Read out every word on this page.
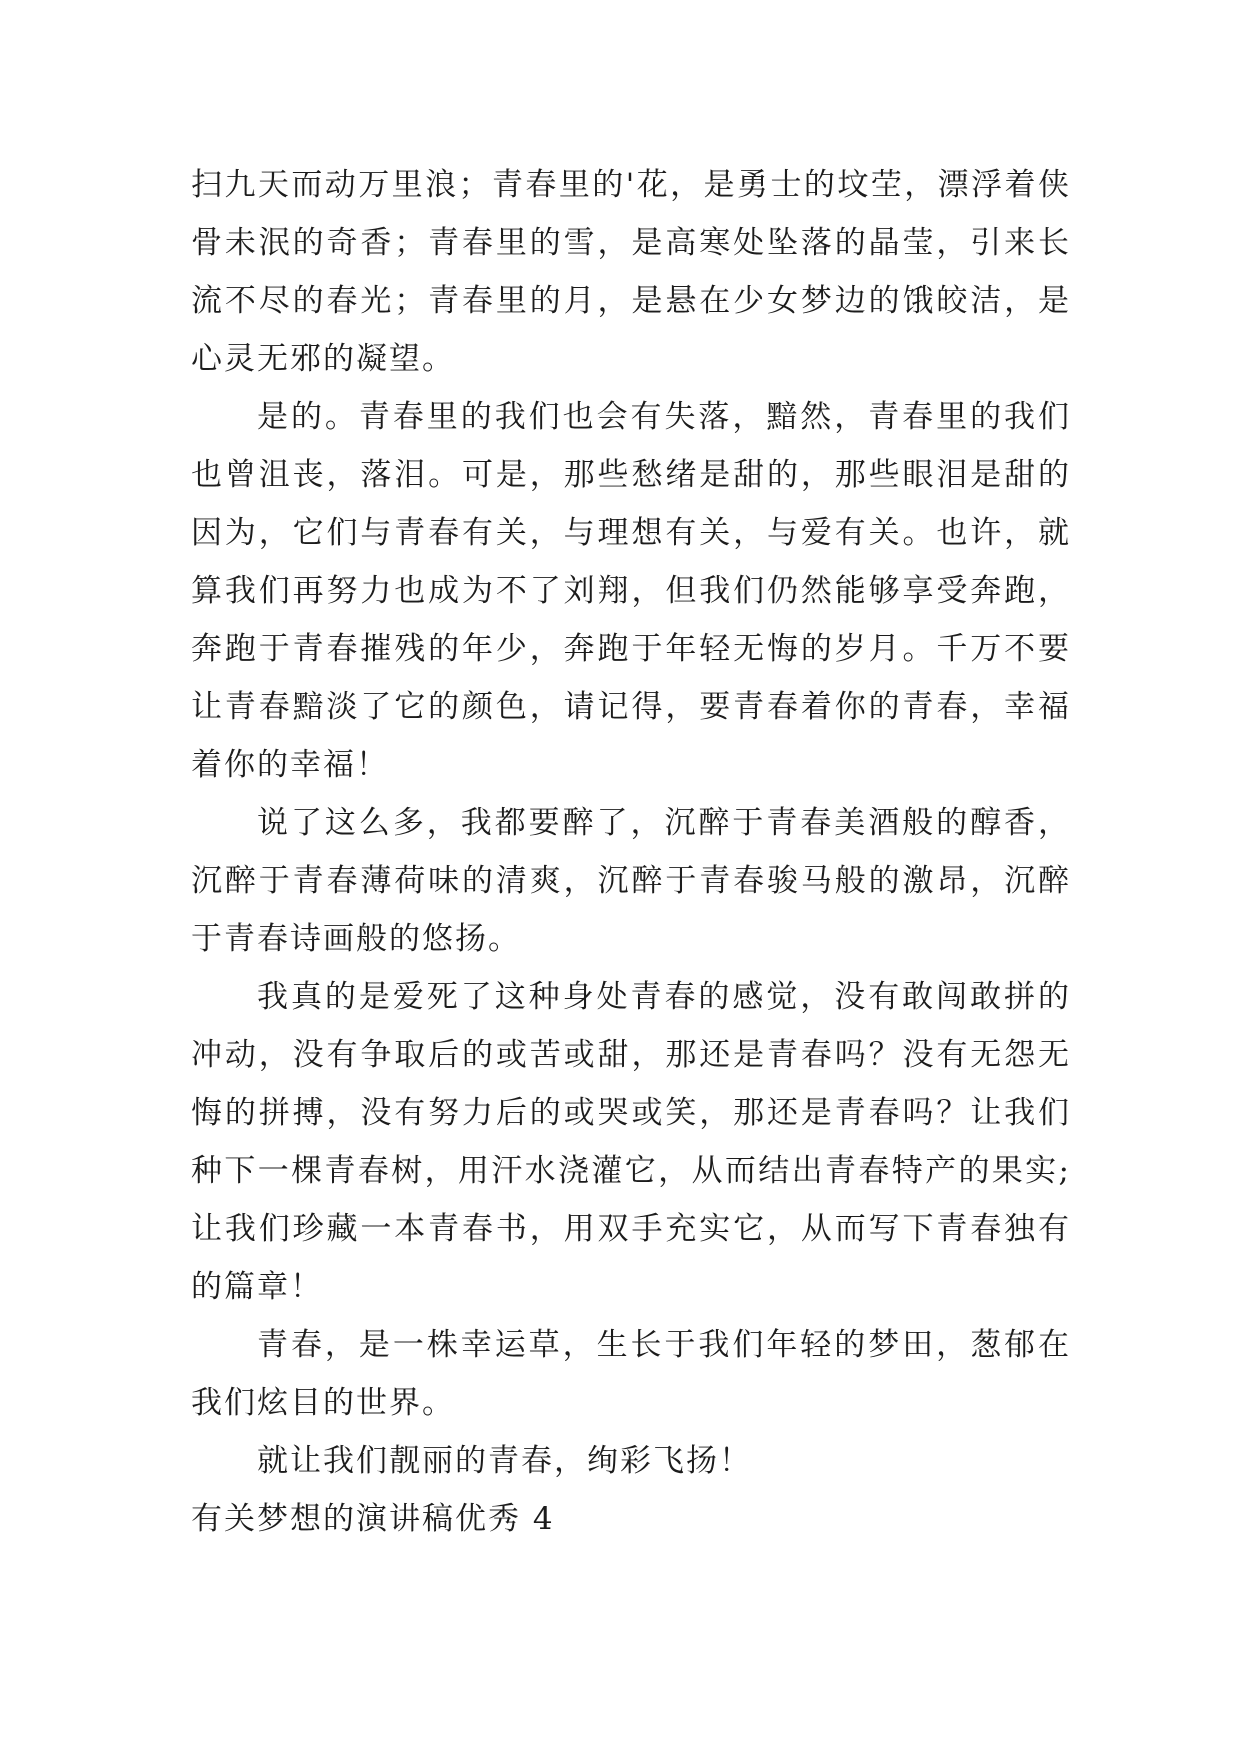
扫九天而动万里浪；青春里的'花，是勇士的坟茔，漂浮着侠骨未泯的奇香；青春里的雪，是高寒处坠落的晶莹，引来长流不尽的春光；青春里的月，是悬在少女梦边的饿皎洁，是心灵无邪的凝望。

是的。青春里的我们也会有失落，黯然，青春里的我们也曾沮丧，落泪。可是，那些愁绪是甜的，那些眼泪是甜的因为，它们与青春有关，与理想有关，与爱有关。也许，就算我们再努力也成为不了刘翔，但我们仍然能够享受奔跑，奔跑于青春摧残的年少，奔跑于年轻无悔的岁月。千万不要让青春黯淡了它的颜色，请记得，要青春着你的青春，幸福着你的幸福！

说了这么多，我都要醉了，沉醉于青春美酒般的醇香，沉醉于青春薄荷味的清爽，沉醉于青春骏马般的激昂，沉醉于青春诗画般的悠扬。

我真的是爱死了这种身处青春的感觉，没有敢闯敢拼的冲动，没有争取后的或苦或甜，那还是青春吗？没有无怨无悔的拼搏，没有努力后的或哭或笑，那还是青春吗？让我们种下一棵青春树，用汗水浇灌它，从而结出青春特产的果实;让我们珍藏一本青春书，用双手充实它，从而写下青春独有的篇章！

青春，是一株幸运草，生长于我们年轻的梦田，葱郁在我们炫目的世界。

就让我们靓丽的青春，绚彩飞扬！

有关梦想的演讲稿优秀 4
